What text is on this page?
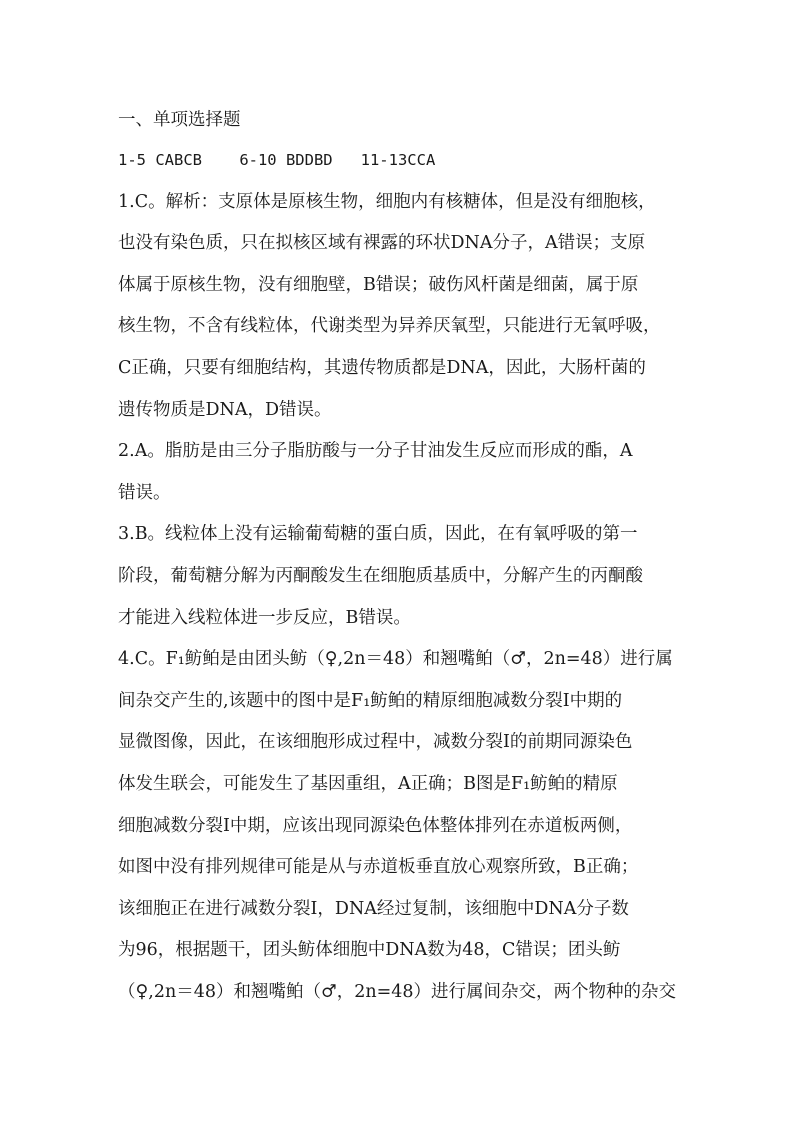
一、单项选择题
1-5 CABCB    6-10 BDDBD   11-13CCA
1.C。解析：支原体是原核生物，细胞内有核糖体，但是没有细胞核，
也没有染色质，只在拟核区域有裸露的环状DNA分子，A错误；支原
体属于原核生物，没有细胞壁，B错误；破伤风杆菌是细菌，属于原
核生物，不含有线粒体，代谢类型为异养厌氧型，只能进行无氧呼吸，
C正确，只要有细胞结构，其遗传物质都是DNA，因此，大肠杆菌的
遗传物质是DNA，D错误。
2.A。脂肪是由三分子脂肪酸与一分子甘油发生反应而形成的酯，A
错误。
3.B。线粒体上没有运输葡萄糖的蛋白质，因此，在有氧呼吸的第一
阶段，葡萄糖分解为丙酮酸发生在细胞质基质中，分解产生的丙酮酸
才能进入线粒体进一步反应，B错误。
4.C。F₁鲂鲌是由团头鲂（♀,2n＝48）和翘嘴鲌（♂，2n=48）进行属
间杂交产生的,该题中的图中是F₁鲂鲌的精原细胞减数分裂Ⅰ中期的
显微图像，因此，在该细胞形成过程中，减数分裂Ⅰ的前期同源染色
体发生联会，可能发生了基因重组，A正确；B图是F₁鲂鲌的精原
细胞减数分裂Ⅰ中期，应该出现同源染色体整体排列在赤道板两侧，
如图中没有排列规律可能是从与赤道板垂直放心观察所致，B正确；
该细胞正在进行减数分裂Ⅰ，DNA经过复制，该细胞中DNA分子数
为96，根据题干，团头鲂体细胞中DNA数为48，C错误；团头鲂
（♀,2n＝48）和翘嘴鲌（♂，2n=48）进行属间杂交，两个物种的杂交
